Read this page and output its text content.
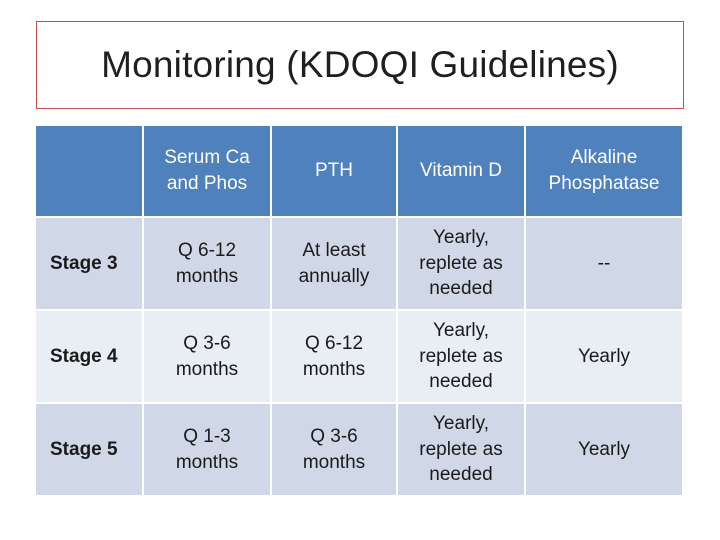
Monitoring (KDOQI Guidelines)
	Serum Ca and Phos	PTH	Vitamin D	Alkaline Phosphatase
Stage 3	Q 6-12 months	At least annually	Yearly, replete as needed	--
Stage 4	Q 3-6 months	Q 6-12 months	Yearly, replete as needed	Yearly
Stage 5	Q 1-3 months	Q 3-6 months	Yearly, replete as needed	Yearly
